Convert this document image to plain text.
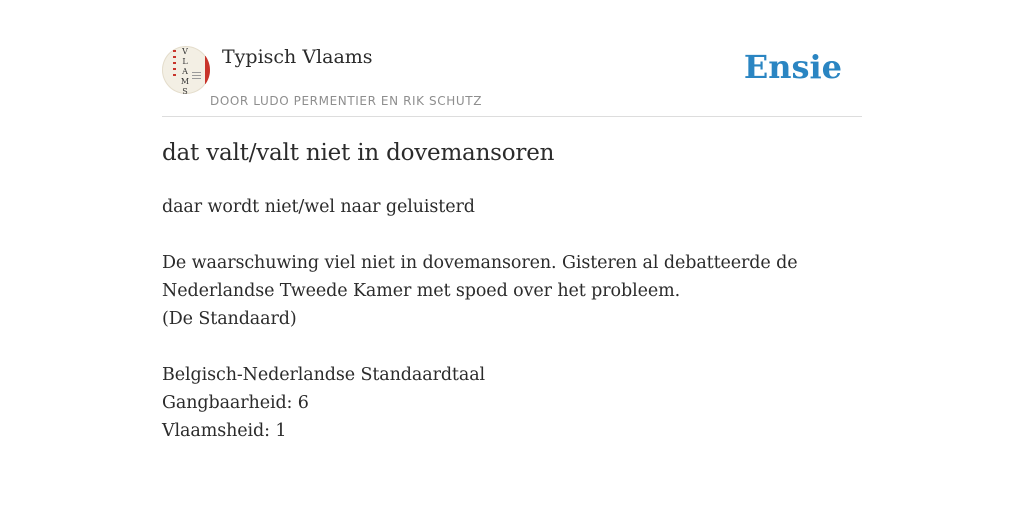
V
L
A
M
S
Typisch Vlaams
DOOR LUDO PERMENTIER EN RIK SCHUTZ
Ensie
dat valt/valt niet in dovemansoren

daar wordt niet/wel naar geluisterd

De waarschuwing viel niet in dovemansoren. Gisteren al debatteerde de

Nederlandse Tweede Kamer met spoed over het probleem.

(De Standaard)

Belgisch-Nederlandse Standaardtaal

Gangbaarheid: 6

Vlaamsheid: 1
